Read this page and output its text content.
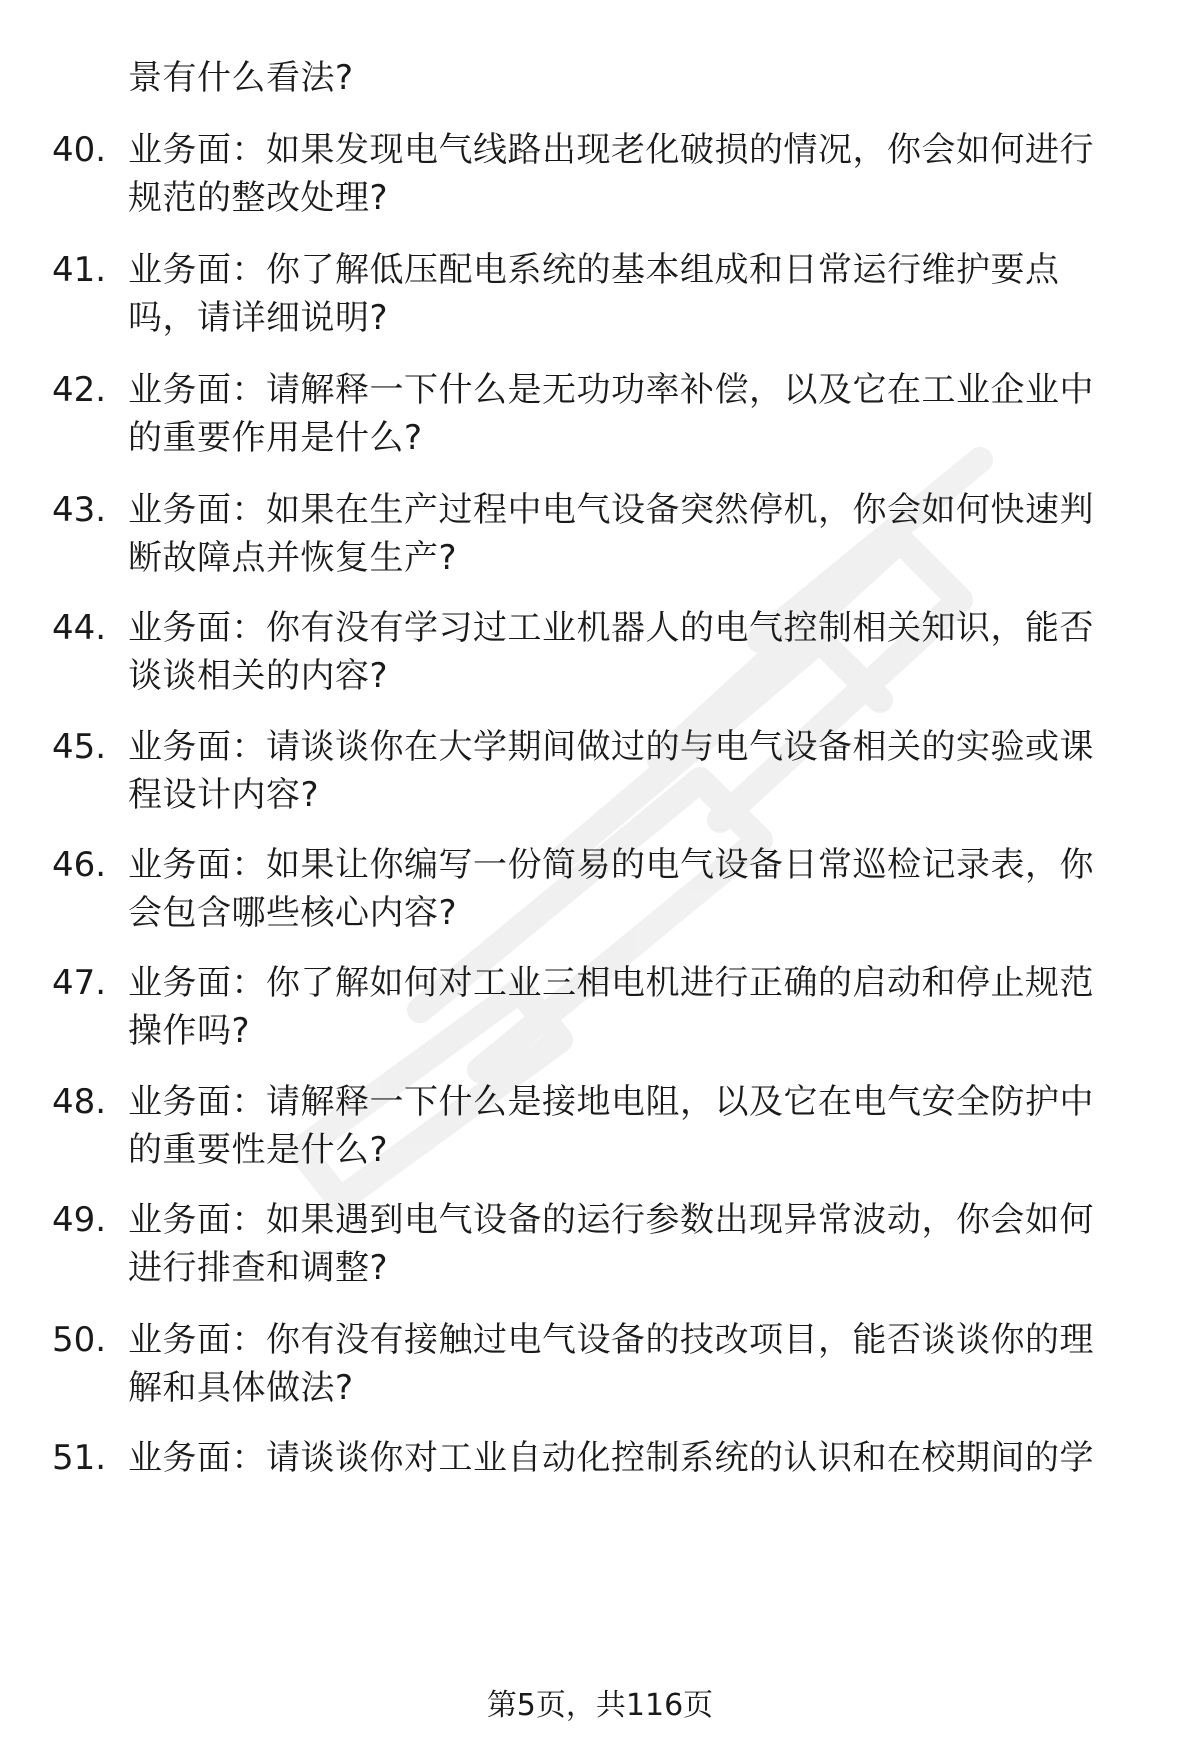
景有什么看法?
40. 业务面：如果发现电气线路出现老化破损的情况，你会如何进行
规范的整改处理?
41. 业务面：你了解低压配电系统的基本组成和日常运行维护要点
吗，请详细说明?
42. 业务面：请解释一下什么是无功功率补偿，以及它在工业企业中
的重要作用是什么?
43. 业务面：如果在生产过程中电气设备突然停机，你会如何快速判
断故障点并恢复生产?
44. 业务面：你有没有学习过工业机器人的电气控制相关知识，能否
谈谈相关的内容?
45. 业务面：请谈谈你在大学期间做过的与电气设备相关的实验或课
程设计内容?
46. 业务面：如果让你编写一份简易的电气设备日常巡检记录表，你
会包含哪些核心内容?
47. 业务面：你了解如何对工业三相电机进行正确的启动和停止规范
操作吗?
48. 业务面：请解释一下什么是接地电阻，以及它在电气安全防护中
的重要性是什么?
49. 业务面：如果遇到电气设备的运行参数出现异常波动，你会如何
进行排查和调整?
50. 业务面：你有没有接触过电气设备的技改项目，能否谈谈你的理
解和具体做法?
51. 业务面：请谈谈你对工业自动化控制系统的认识和在校期间的学
第5页，共116页
